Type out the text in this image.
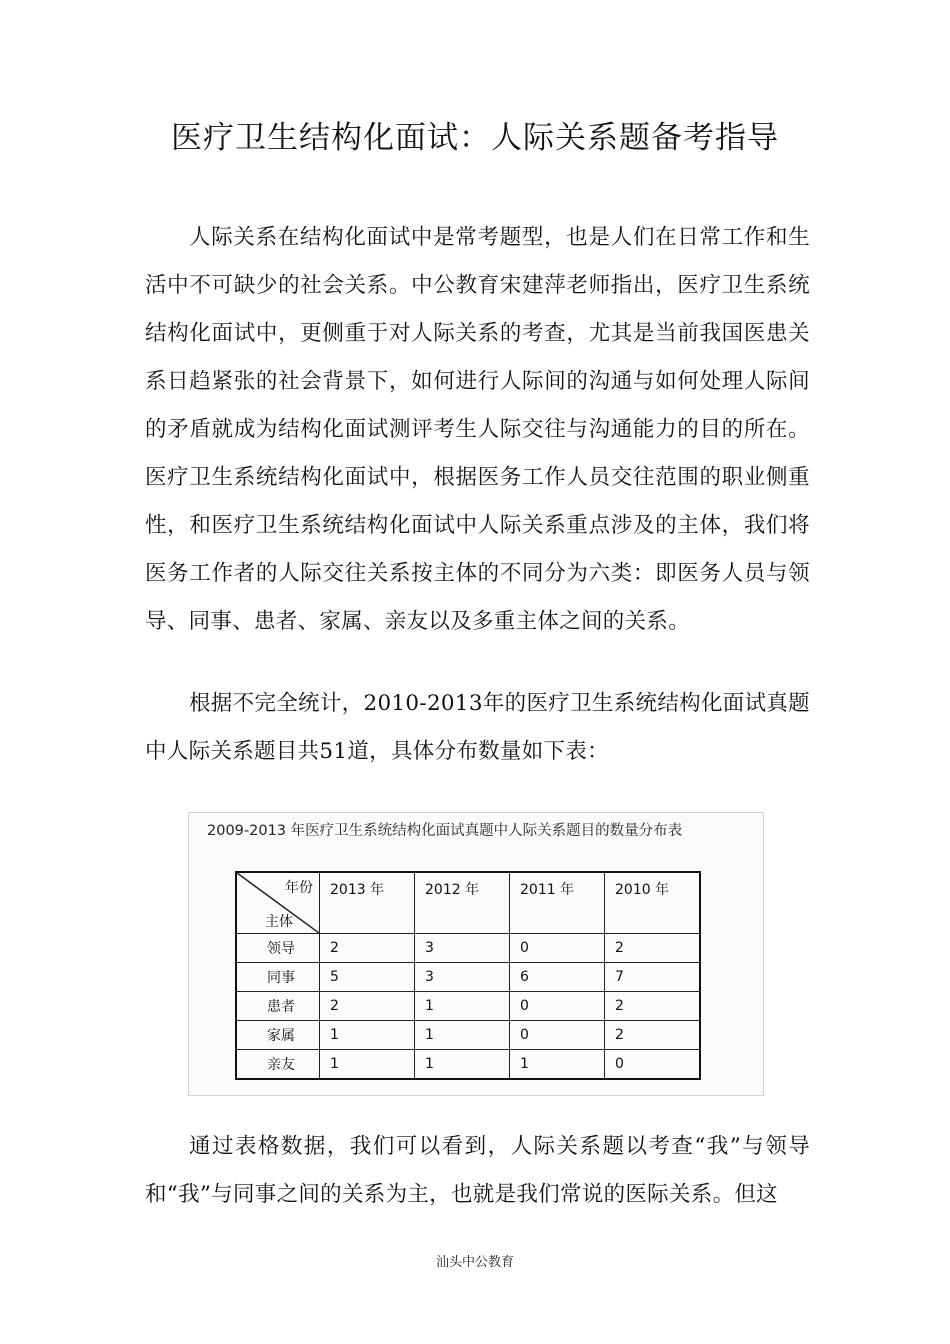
医疗卫生结构化面试：人际关系题备考指导
人际关系在结构化面试中是常考题型，也是人们在日常工作和生活中不可缺少的社会关系。中公教育宋建萍老师指出，医疗卫生系统结构化面试中，更侧重于对人际关系的考查，尤其是当前我国医患关系日趋紧张的社会背景下，如何进行人际间的沟通与如何处理人际间的矛盾就成为结构化面试测评考生人际交往与沟通能力的目的所在。医疗卫生系统结构化面试中，根据医务工作人员交往范围的职业侧重性，和医疗卫生系统结构化面试中人际关系重点涉及的主体，我们将医务工作者的人际交往关系按主体的不同分为六类：即医务人员与领导、同事、患者、家属、亲友以及多重主体之间的关系。
根据不完全统计，2010-2013年的医疗卫生系统结构化面试真题中人际关系题目共51道，具体分布数量如下表：
2009-2013 年医疗卫生系统结构化面试真题中人际关系题目的数量分布表
年份
主体	2013 年	2012 年	2011 年	2010 年
领导	2	3	0	2
同事	5	3	6	7
患者	2	1	0	2
家属	1	1	0	2
亲友	1	1	1	0
通过表格数据，我们可以看到，人际关系题以考查“我”与领导和“我”与同事之间的关系为主，也就是我们常说的医际关系。但这
汕头中公教育
